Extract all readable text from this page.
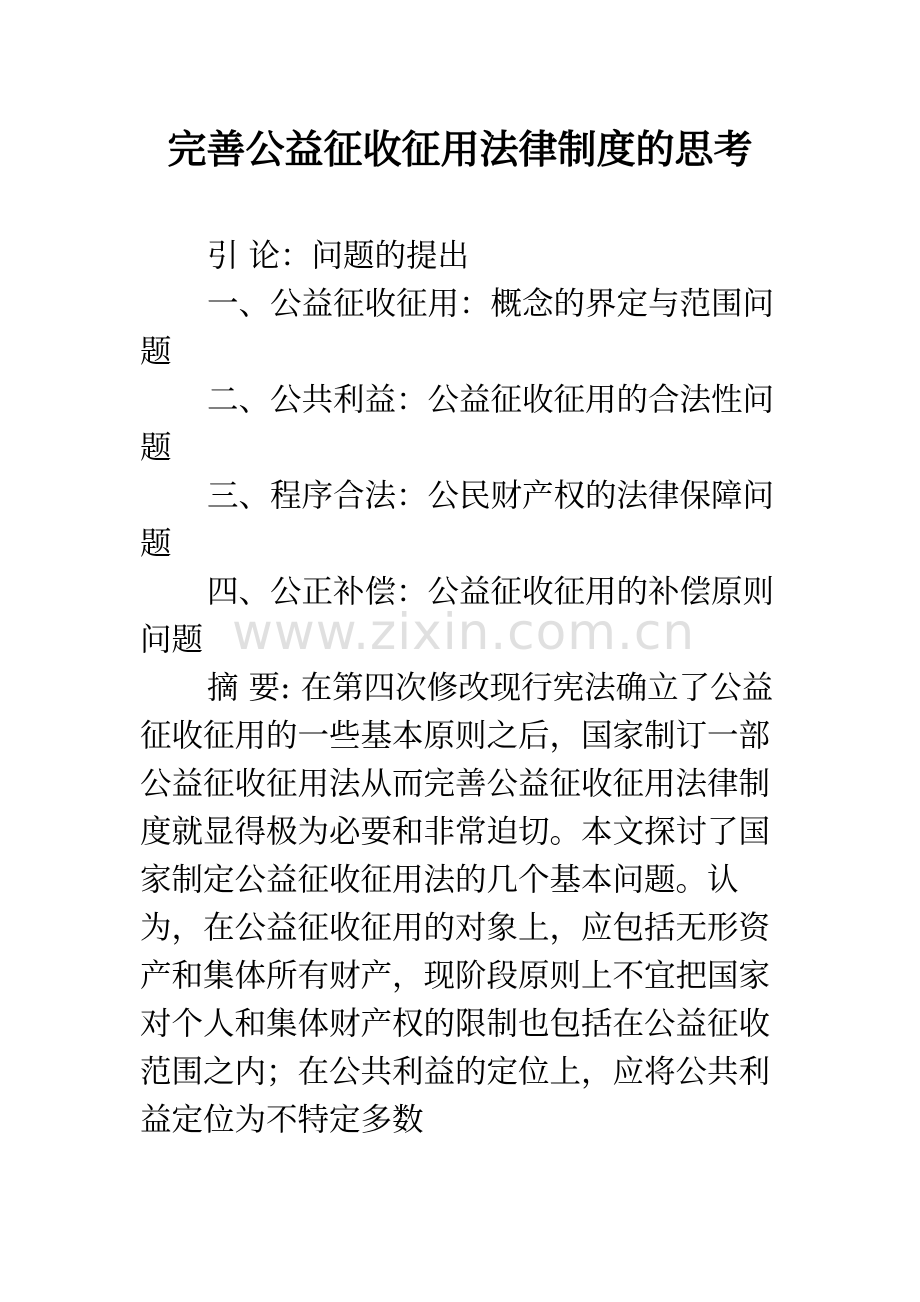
完善公益征收征用法律制度的思考

引 论：问题的提出

一、公益征收征用：概念的界定与范围问题

二、公共利益：公益征收征用的合法性问题

三、程序合法：公民财产权的法律保障问题

四、公正补偿：公益征收征用的补偿原则问题

摘 要: 在第四次修改现行宪法确立了公益征收征用的一些基本原则之后，国家制订一部公益征收征用法从而完善公益征收征用法律制度就显得极为必要和非常迫切。本文探讨了国家制定公益征收征用法的几个基本问题。认为，在公益征收征用的对象上，应包括无形资产和集体所有财产，现阶段原则上不宜把国家对个人和集体财产权的限制也包括在公益征收范围之内；在公共利益的定位上，应将公共利益定位为不特定多数

www.zixin.com.cn
